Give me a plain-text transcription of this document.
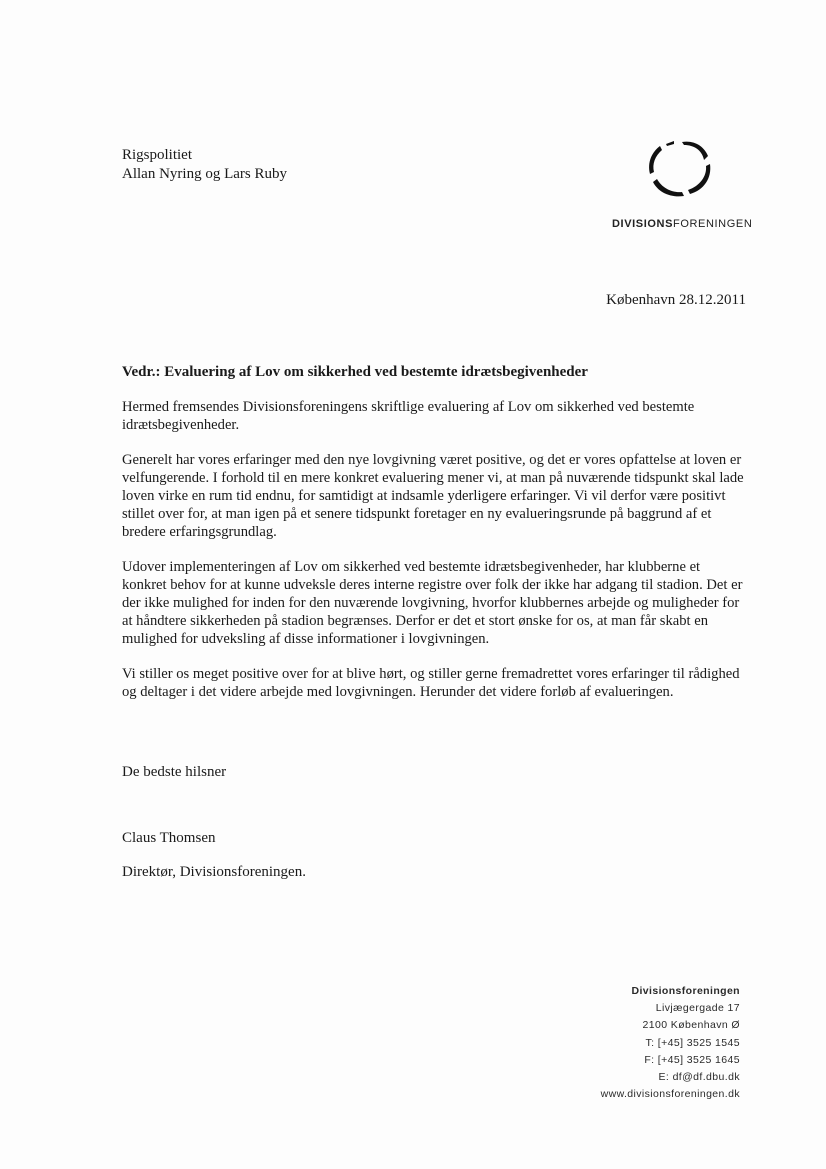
Rigspolitiet
Allan Nyring og Lars Ruby
DIVISIONSFORENINGEN
København 28.12.2011
Vedr.: Evaluering af Lov om sikkerhed ved bestemte idrætsbegivenheder

Hermed fremsendes Divisionsforeningens skriftlige evaluering af Lov om sikkerhed ved bestemte idrætsbegivenheder.

Generelt har vores erfaringer med den nye lovgivning været positive, og det er vores opfattelse at loven er velfungerende. I forhold til en mere konkret evaluering mener vi, at man på nuværende tidspunkt skal lade loven virke en rum tid endnu, for samtidigt at indsamle yderligere erfaringer. Vi vil derfor være positivt stillet over for, at man igen på et senere tidspunkt foretager en ny evalueringsrunde på baggrund af et bredere erfaringsgrundlag.

Udover implementeringen af Lov om sikkerhed ved bestemte idrætsbegivenheder, har klubberne et konkret behov for at kunne udveksle deres interne registre over folk der ikke har adgang til stadion. Det er der ikke mulighed for inden for den nuværende lovgivning, hvorfor klubbernes arbejde og muligheder for at håndtere sikkerheden på stadion begrænses. Derfor er det et stort ønske for os, at man får skabt en mulighed for udveksling af disse informationer i lovgivningen.

Vi stiller os meget positive over for at blive hørt, og stiller gerne fremadrettet vores erfaringer til rådighed og deltager i det videre arbejde med lovgivningen. Herunder det videre forløb af evalueringen.

De bedste hilsner
Claus Thomsen
Direktør, Divisionsforeningen.
Divisionsforeningen
Livjægergade 17
2100 København Ø
T: [+45] 3525 1545
F: [+45] 3525 1645
E: df@df.dbu.dk
www.divisionsforeningen.dk
